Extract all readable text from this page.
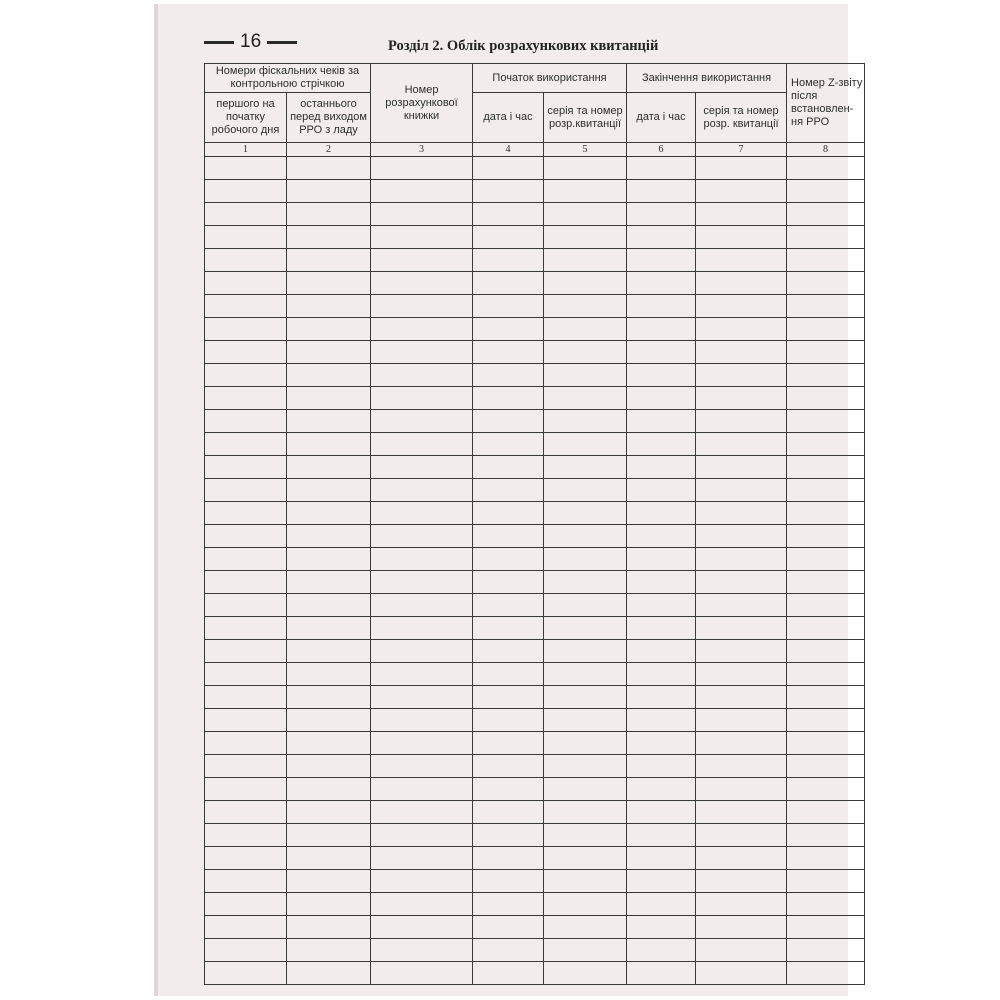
16	Розділ 2. Облік розрахункових квитанцій
Номери фіскальних чеків за контрольною стрічкою		Номер розрахункової книжки	Початок використання		Закінчення використання		Номер Z-звіту після встановлен-ня РРО
першого на початку робочого дня	останнього перед виходом РРО з ладу		дата і час	серія та номер розр.квитанції	дата і час	серія та номер розр. квитанції	
1	2	3	4	5	6	7	8
